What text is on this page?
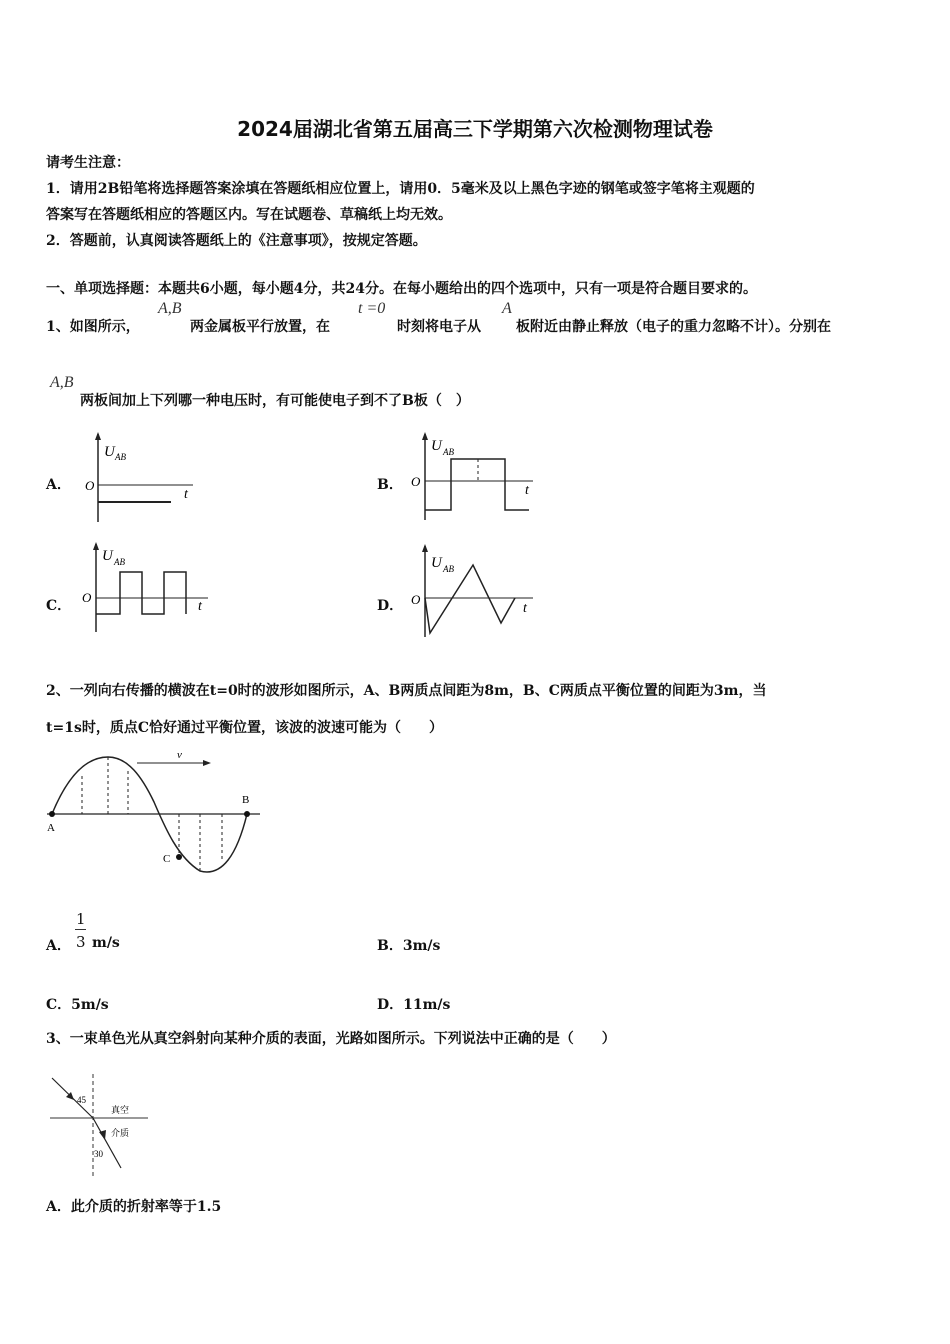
2024届湖北省第五届高三下学期第六次检测物理试卷
请考生注意：
1．请用2B铅笔将选择题答案涂填在答题纸相应位置上，请用0．5毫米及以上黑色字迹的钢笔或签字笔将主观题的
答案写在答题纸相应的答题区内。写在试题卷、草稿纸上均无效。
2．答题前，认真阅读答题纸上的《注意事项》，按规定答题。
一、单项选择题：本题共6小题，每小题4分，共24分。在每小题给出的四个选项中，只有一项是符合题目要求的。
1、如图所示，
A,B
两金属板平行放置，在
t =0
时刻将电子从
A
板附近由静止释放（电子的重力忽略不计）。分别在
A,B
两板间加上下列哪一种电压时，有可能使电子到不了B板（　）
A．
U AB
O
t
B．
U AB
O
t
C．
U AB
O
t	D．
U AB
O
t
2、一列向右传播的横波在t=0时的波形如图所示，A、B两质点间距为8m，B、C两质点平衡位置的间距为3m，当
t=1s时，质点C恰好通过平衡位置，该波的波速可能为（　　）
v
A
B
C
A．
1
3 m/s	B．3m/s
C．5m/s	D．11m/s
3、一束单色光从真空斜射向某种介质的表面，光路如图所示。下列说法中正确的是（　　）
45
30
真空
介质
A．此介质的折射率等于1.5
